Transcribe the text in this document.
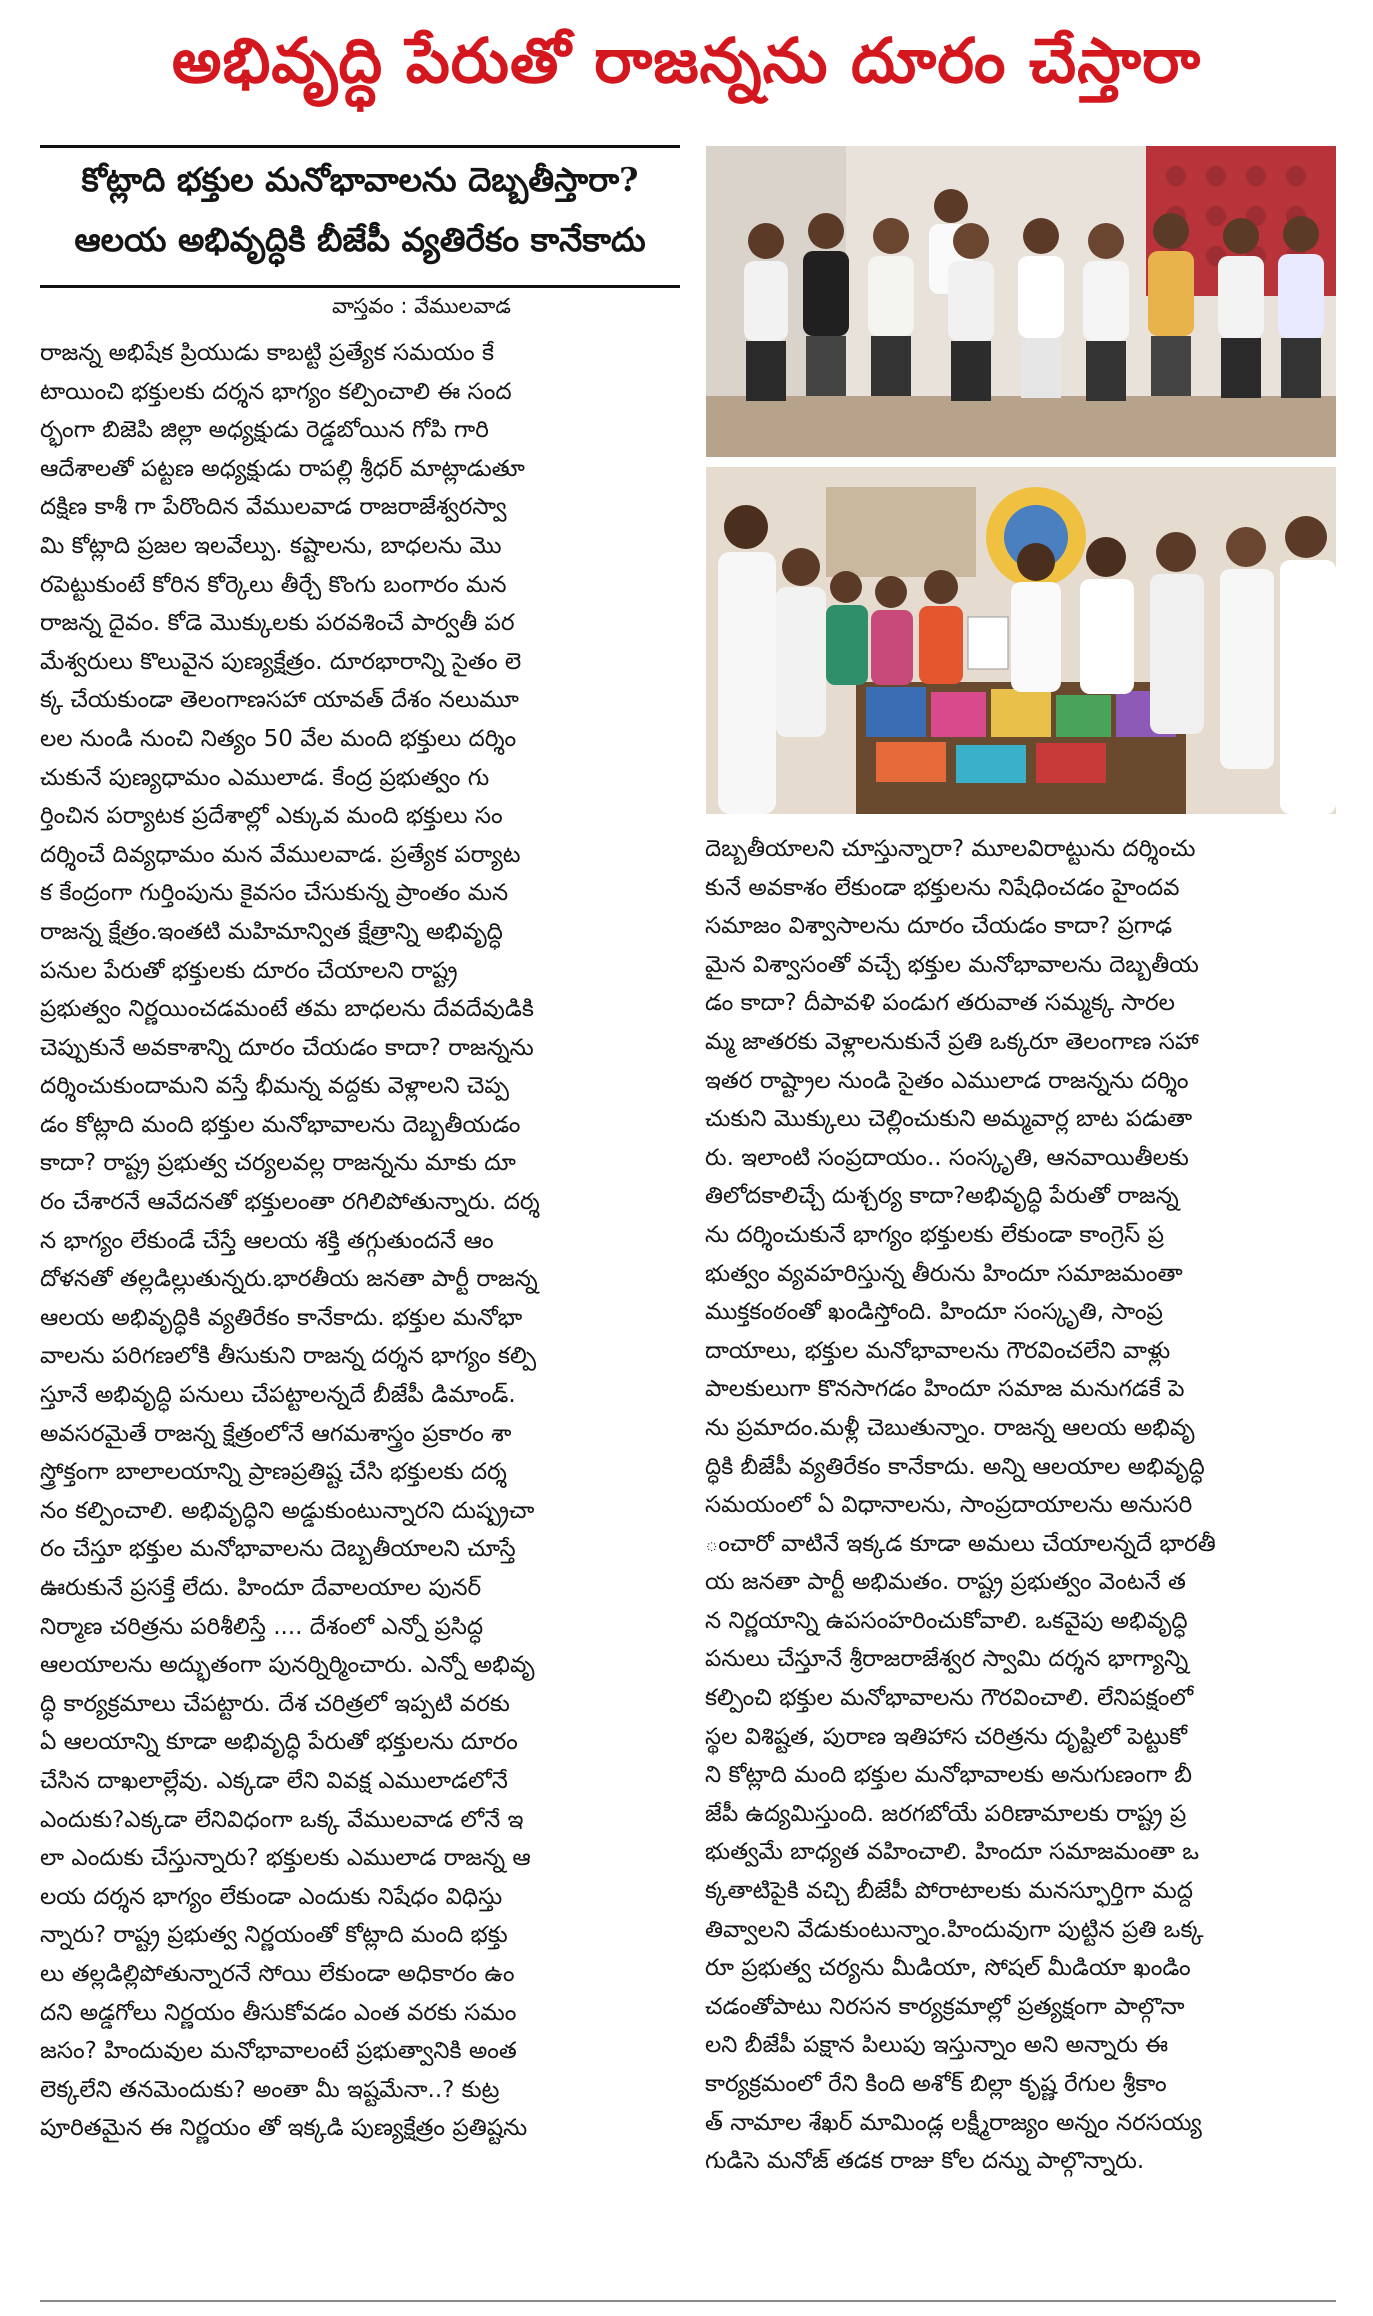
అభివృద్ధి పేరుతో రాజన్నను దూరం చేస్తారా
కోట్లాది భక్తుల మనోభావాలను దెబ్బతీస్తారా?
ఆలయ అభివృద్ధికి బీజేపీ వ్యతిరేకం కానేకాదు
వాస్తవం : వేములవాడ

రాజన్న అభిషేక ప్రియుడు కాబట్టి ప్రత్యేక సమయం కే

టాయించి భక్తులకు దర్శన భాగ్యం కల్పించాలి ఈ సంద

ర్భంగా బిజెపి జిల్లా అధ్యక్షుడు రెడ్డబోయిన గోపి గారి

ఆదేశాలతో పట్టణ అధ్యక్షుడు రాపల్లి శ్రీధర్ మాట్లాడుతూ

దక్షిణ కాశీ గా పేరొందిన వేములవాడ రాజరాజేశ్వరస్వా

మి కోట్లాది ప్రజల ఇలవేల్పు. కష్టాలను, బాధలను మొ

రపెట్టుకుంటే కోరిన కోర్కెలు తీర్చే కొంగు బంగారం మన

రాజన్న దైవం. కోడె మొక్కులకు పరవశించే పార్వతీ పర

మేశ్వరులు కొలువైన పుణ్యక్షేత్రం. దూరభారాన్ని సైతం లె

క్క చేయకుండా తెలంగాణసహా యావత్ దేశం నలుమూ

లల నుండి నుంచి నిత్యం 50 వేల మంది భక్తులు దర్శిం

చుకునే పుణ్యధామం ఎములాడ. కేంద్ర ప్రభుత్వం గు

ర్తించిన పర్యాటక ప్రదేశాల్లో ఎక్కువ మంది భక్తులు సం

దర్శించే దివ్యధామం మన వేములవాడ. ప్రత్యేక పర్యాట

క కేంద్రంగా గుర్తింపును కైవసం చేసుకున్న ప్రాంతం మన

రాజన్న క్షేత్రం.ఇంతటి మహిమాన్విత క్షేత్రాన్ని అభివృద్ధి

పనుల పేరుతో భక్తులకు దూరం చేయాలని రాష్ట్ర

ప్రభుత్వం నిర్ణయించడమంటే తమ బాధలను దేవదేవుడికి

చెప్పుకునే అవకాశాన్ని దూరం చేయడం కాదా? రాజన్నను

దర్శించుకుందామని వస్తే భీమన్న వద్దకు వెళ్లాలని చెప్ప

డం కోట్లాది మంది భక్తుల మనోభావాలను దెబ్బతీయడం

కాదా? రాష్ట్ర ప్రభుత్వ చర్యలవల్ల రాజన్నను మాకు దూ

రం చేశారనే ఆవేదనతో భక్తులంతా రగిలిపోతున్నారు. దర్శ

న భాగ్యం లేకుండే చేస్తే ఆలయ శక్తి తగ్గుతుందనే ఆం

దోళనతో తల్లడిల్లుతున్నరు.భారతీయ జనతా పార్టీ రాజన్న

ఆలయ అభివృద్ధికి వ్యతిరేకం కానేకాదు. భక్తుల మనోభా

వాలను పరిగణలోకి తీసుకుని రాజన్న దర్శన భాగ్యం కల్పి

స్తూనే అభివృద్ధి పనులు చేపట్టాలన్నదే బీజేపీ డిమాండ్.

అవసరమైతే రాజన్న క్షేత్రంలోనే ఆగమశాస్త్రం ప్రకారం శా

స్త్రోక్తంగా బాలాలయాన్ని ప్రాణప్రతిష్ట చేసి భక్తులకు దర్శ

నం కల్పించాలి. అభివృద్ధిని అడ్డుకుంటున్నారని దుష్ప్రచా

రం చేస్తూ భక్తుల మనోభావాలను దెబ్బతీయాలని చూస్తే

ఊరుకునే ప్రసక్తే లేదు. హిందూ దేవాలయాల పునర్

నిర్మాణ చరిత్రను పరిశీలిస్తే .... దేశంలో ఎన్నో ప్రసిద్ధ

ఆలయాలను అద్భుతంగా పునర్నిర్మించారు. ఎన్నో అభివృ

ద్ధి కార్యక్రమాలు చేపట్టారు. దేశ చరిత్రలో ఇప్పటి వరకు

ఏ ఆలయాన్ని కూడా అభివృద్ధి పేరుతో భక్తులను దూరం

చేసిన దాఖలాల్లేవు. ఎక్కడా లేని వివక్ష ఎములాడలోనే

ఎందుకు?ఎక్కడా లేనివిధంగా ఒక్క వేములవాడ లోనే ఇ

లా ఎందుకు చేస్తున్నారు? భక్తులకు ఎములాడ రాజన్న ఆ

లయ దర్శన భాగ్యం లేకుండా ఎందుకు నిషేధం విధిస్తు

న్నారు? రాష్ట్ర ప్రభుత్వ నిర్ణయంతో కోట్లాది మంది భక్తు

లు తల్లడిల్లిపోతున్నారనే సోయి లేకుండా అధికారం ఉం

దని అడ్డగోలు నిర్ణయం తీసుకోవడం ఎంత వరకు సమం

జసం? హిందువుల మనోభావాలంటే ప్రభుత్వానికి అంత

లెక్కలేని తనమెందుకు? అంతా మీ ఇష్టమేనా..? కుట్ర

పూరితమైన ఈ నిర్ణయం తో ఇక్కడి పుణ్యక్షేత్రం ప్రతిష్టను

దెబ్బతీయాలని చూస్తున్నారా? మూలవిరాట్టును దర్శించు

కునే అవకాశం లేకుండా భక్తులను నిషేధించడం హైందవ

సమాజం విశ్వాసాలను దూరం చేయడం కాదా? ప్రగాఢ

మైన విశ్వాసంతో వచ్చే భక్తుల మనోభావాలను దెబ్బతీయ

డం కాదా? దీపావళి పండుగ తరువాత సమ్మక్క సారల

మ్మ జాతరకు వెళ్లాలనుకునే ప్రతి ఒక్కరూ తెలంగాణ సహా

ఇతర రాష్ట్రాల నుండి సైతం ఎములాడ రాజన్నను దర్శిం

చుకుని మొక్కులు చెల్లించుకుని అమ్మవార్ల బాట పడుతా

రు. ఇలాంటి సంప్రదాయం.. సంస్కృతి, ఆనవాయితీలకు

తిలోదకాలిచ్చే దుశ్చర్య కాదా?అభివృద్ధి పేరుతో రాజన్న

ను దర్శించుకునే భాగ్యం భక్తులకు లేకుండా కాంగ్రెస్ ప్ర

భుత్వం వ్యవహరిస్తున్న తీరును హిందూ సమాజమంతా

ముక్తకంఠంతో ఖండిస్తోంది. హిందూ సంస్కృతి, సాంప్ర

దాయాలు, భక్తుల మనోభావాలను గౌరవించలేని వాళ్లు

పాలకులుగా కొనసాగడం హిందూ సమాజ మనుగడకే పె

ను ప్రమాదం.మళ్లీ చెబుతున్నాం. రాజన్న ఆలయ అభివృ

ద్ధికి బీజేపీ వ్యతిరేకం కానేకాదు. అన్ని ఆలయాల అభివృద్ధి

సమయంలో ఏ విధానాలను, సాంప్రదాయాలను అనుసరి

ంచారో వాటినే ఇక్కడ కూడా అమలు చేయాలన్నదే భారతీ

య జనతా పార్టీ అభిమతం. రాష్ట్ర ప్రభుత్వం వెంటనే త

న నిర్ణయాన్ని ఉపసంహరించుకోవాలి. ఒకవైపు అభివృద్ధి

పనులు చేస్తూనే శ్రీరాజరాజేశ్వర స్వామి దర్శన భాగ్యాన్ని

కల్పించి భక్తుల మనోభావాలను గౌరవించాలి. లేనిపక్షంలో

స్థల విశిష్టత, పురాణ ఇతిహాస చరిత్రను దృష్టిలో పెట్టుకో

ని కోట్లాది మంది భక్తుల మనోభావాలకు అనుగుణంగా బీ

జేపీ ఉద్యమిస్తుంది. జరగబోయే పరిణామాలకు రాష్ట్ర ప్ర

భుత్వమే బాధ్యత వహించాలి. హిందూ సమాజమంతా ఒ

క్కతాటిపైకి వచ్చి బీజేపీ పోరాటాలకు మనస్ఫూర్తిగా మద్ద

తివ్వాలని వేడుకుంటున్నాం.హిందువుగా పుట్టిన ప్రతి ఒక్క

రూ ప్రభుత్వ చర్యను మీడియా, సోషల్ మీడియా ఖండిం

చడంతోపాటు నిరసన కార్యక్రమాల్లో ప్రత్యక్షంగా పాల్గొనా

లని బీజేపీ పక్షాన పిలుపు ఇస్తున్నాం అని అన్నారు ఈ

కార్యక్రమంలో రేని కింది అశోక్ బిల్లా కృష్ణ రేగుల శ్రీకాం

త్ నామాల శేఖర్ మామిండ్ల లక్ష్మీరాజ్యం అన్నం నరసయ్య

గుడిసె మనోజ్ తడక రాజు కోల దన్ను పాల్గొన్నారు.
